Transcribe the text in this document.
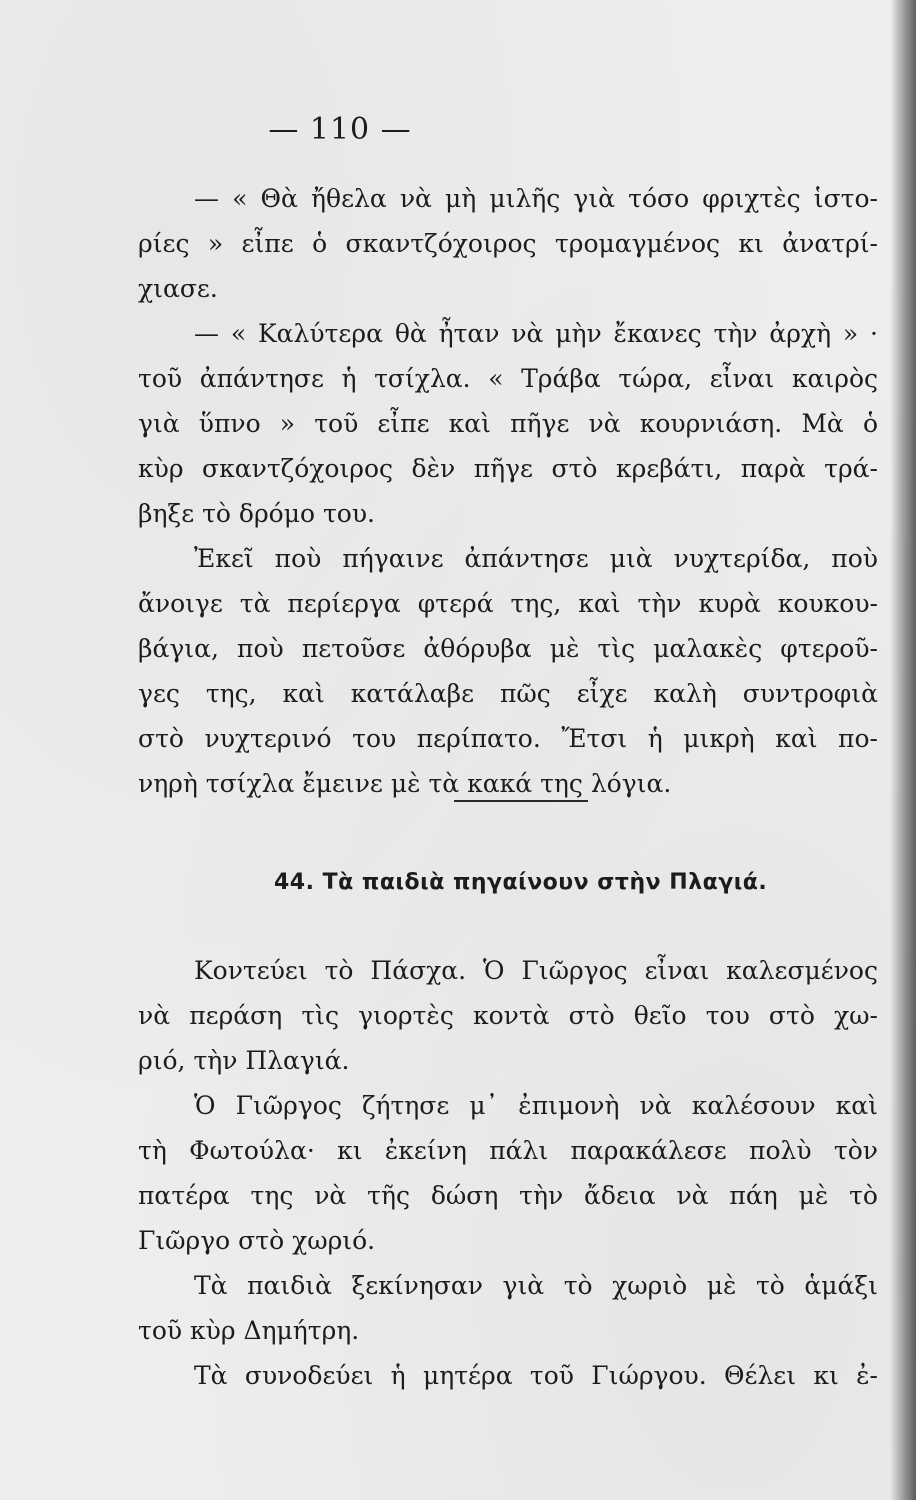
— 110 —
— « Θὰ ἤθελα νὰ μὴ μιλῆς γιὰ τόσο φριχτὲς ἱστο-
ρίες » εἶπε ὁ σκαντζόχοιρος τρομαγμένος κι ἀνατρί-
χιασε.
— « Καλύτερα θὰ ἦταν νὰ μὴν ἔκανες τὴν ἀρχὴ » ·
τοῦ ἀπάντησε ἡ τσίχλα. « Τράβα τώρα, εἶναι καιρὸς
γιὰ ὕπνο » τοῦ εἶπε καὶ πῆγε νὰ κουρνιάση. Μὰ ὁ
κὺρ σκαντζόχοιρος δὲν πῆγε στὸ κρεβάτι, παρὰ τρά-
βηξε τὸ δρόμο του.
Ἐκεῖ ποὺ πήγαινε ἀπάντησε μιὰ νυχτερίδα, ποὺ
ἄνοιγε τὰ περίεργα φτερά της, καὶ τὴν κυρὰ κουκου-
βάγια, ποὺ πετοῦσε ἀθόρυβα μὲ τὶς μαλακὲς φτεροῦ-
γες της, καὶ κατάλαβε πῶς εἶχε καλὴ συντροφιὰ
στὸ νυχτερινό του περίπατο. Ἔτσι ἡ μικρὴ καὶ πο-
νηρὴ τσίχλα ἔμεινε μὲ τὰ κακά της λόγια.
44. Τὰ παιδιὰ πηγαίνουν στὴν Πλαγιά.
Κοντεύει τὸ Πάσχα. Ὁ Γιῶργος εἶναι καλεσμένος
νὰ περάση τὶς γιορτὲς κοντὰ στὸ θεῖο του στὸ χω-
ριό, τὴν Πλαγιά.
Ὁ Γιῶργος ζήτησε μ᾽ ἐπιμονὴ νὰ καλέσουν καὶ
τὴ Φωτούλα· κι ἐκείνη πάλι παρακάλεσε πολὺ τὸν
πατέρα της νὰ τῆς δώση τὴν ἄδεια νὰ πάη μὲ τὸ
Γιῶργο στὸ χωριό.
Τὰ παιδιὰ ξεκίνησαν γιὰ τὸ χωριὸ μὲ τὸ ἁμάξι
τοῦ κὺρ Δημήτρη.
Τὰ συνοδεύει ἡ μητέρα τοῦ Γιώργου. Θέλει κι ἐ-
